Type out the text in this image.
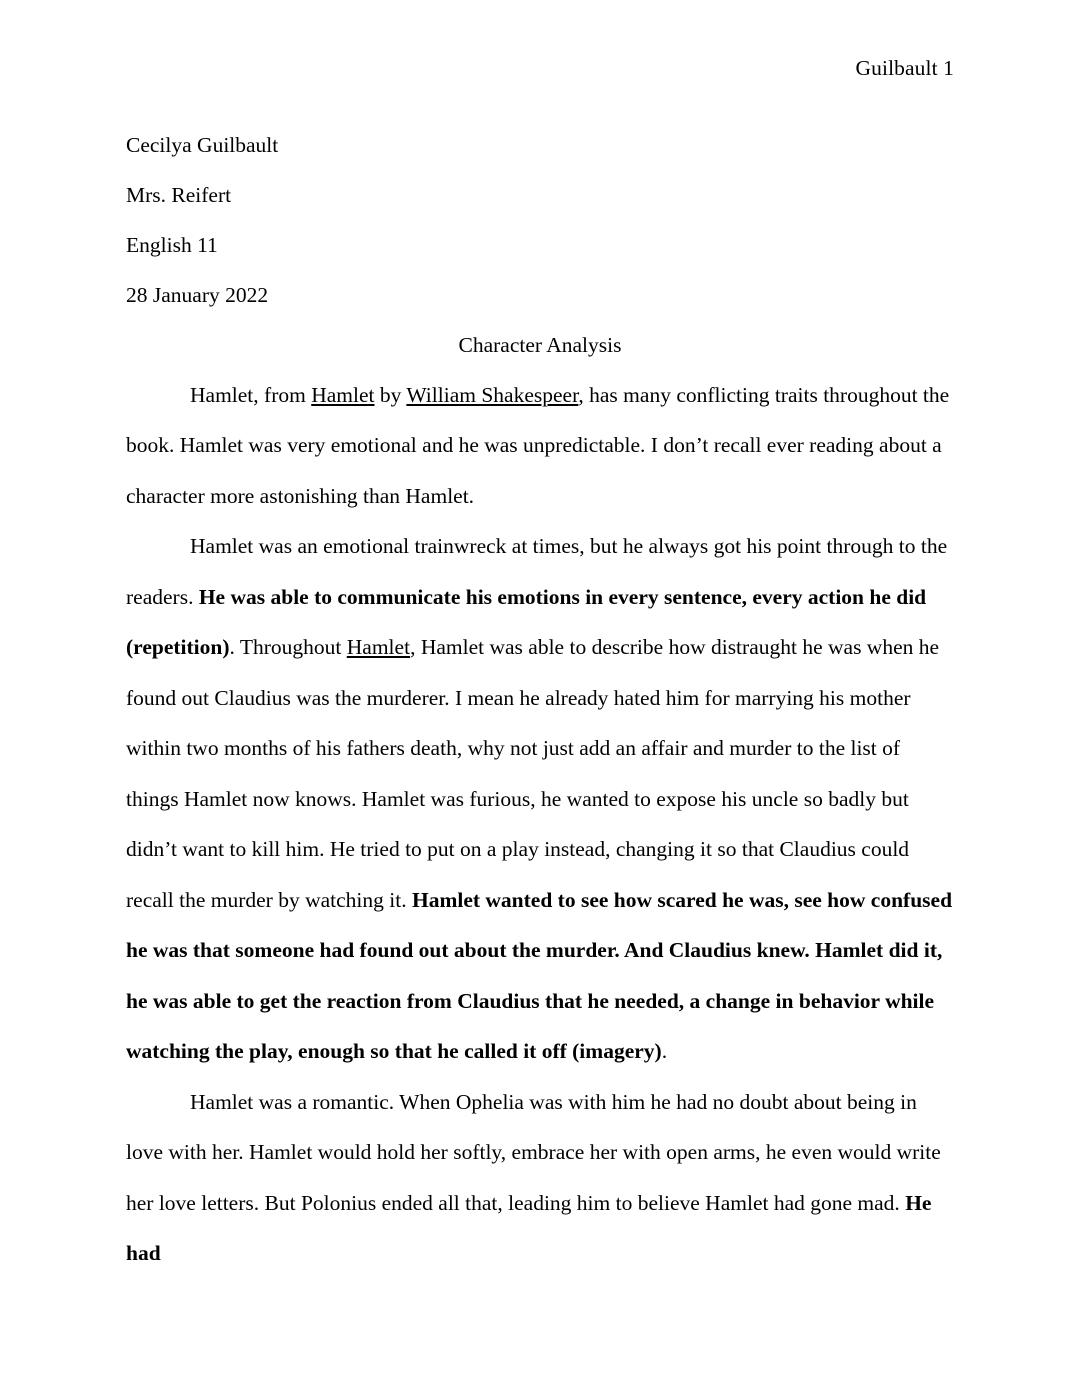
Guilbault 1
Cecilya Guilbault
Mrs. Reifert
English 11
28 January 2022
Character Analysis

Hamlet, from Hamlet by William Shakespeer, has many conflicting traits throughout the book. Hamlet was very emotional and he was unpredictable. I don’t recall ever reading about a character more astonishing than Hamlet.

Hamlet was an emotional trainwreck at times, but he always got his point through to the readers. He was able to communicate his emotions in every sentence, every action he did (repetition). Throughout Hamlet, Hamlet was able to describe how distraught he was when he found out Claudius was the murderer. I mean he already hated him for marrying his mother within two months of his fathers death, why not just add an affair and murder to the list of things Hamlet now knows. Hamlet was furious, he wanted to expose his uncle so badly but didn’t want to kill him. He tried to put on a play instead, changing it so that Claudius could recall the murder by watching it. Hamlet wanted to see how scared he was, see how confused he was that someone had found out about the murder. And Claudius knew. Hamlet did it, he was able to get the reaction from Claudius that he needed, a change in behavior while watching the play, enough so that he called it off (imagery).

Hamlet was a romantic. When Ophelia was with him he had no doubt about being in love with her. Hamlet would hold her softly, embrace her with open arms, he even would write her love letters. But Polonius ended all that, leading him to believe Hamlet had gone mad. He had
